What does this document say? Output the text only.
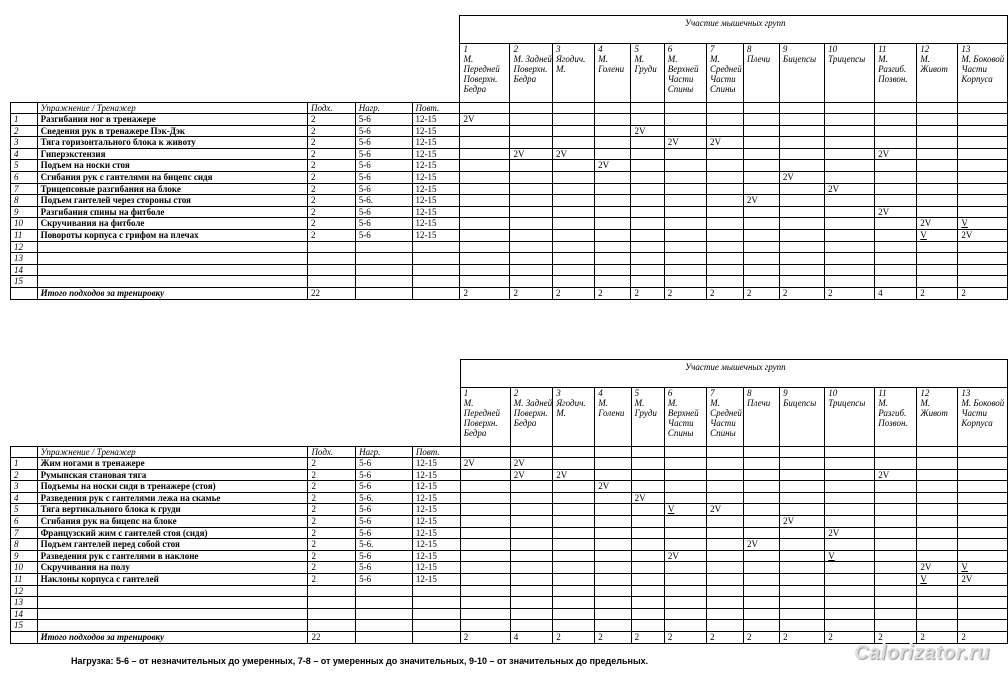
					Участие мышечных групп												
					1	2	3	4	5	6	7	8	9	10	11	12	13
					М. Передней Поверхн. Бедра	М. Задней Поверхн. Бедра	Ягодич. М.	М. Голени	М. Груди	М. Верхней Части Спины	М. Средней Части Спины	Плечи	Бицепсы	Трицепсы	М. Разгиб. Позвон.	М. Живот	М. Боковой Части Корпуса
	Упражнение / Тренажер	Подх.	Нагр.	Повт.													
1	Разгибания ног в тренажере	2	5-6	12-15	2V												
2	Сведения рук в тренажере Пэк-Дэк	2	5-6	12-15					2V								
3	Тяга горизонтального блока к животу	2	5-6	12-15						2V	2V						
4	Гиперэкстензия	2	5-6	12-15		2V	2V								2V		
5	Подъем на носки стоя	2	5-6	12-15				2V									
6	Сгибания рук с гантелями на бицепс сидя	2	5-6	12-15									2V				
7	Трицепсовые разгибания на блоке	2	5-6	12-15										2V			
8	Подъем гантелей через стороны стоя	2	5-6.	12-15								2V					
9	Разгибания спины на фитболе	2	5-6	12-15											2V		
10	Скручивания на фитболе	2	5-6	12-15												2V	V
11	Повороты корпуса с грифом на плечах	2	5-6	12-15												V	2V
12																	
13																	
14																	
15																	
	Итого подходов за тренировку	22			2	2	2	2	2	2	2	2	2	2	4	2	2
					Участие мышечных групп												
					1	2	3	4	5	6	7	8	9	10	11	12	13
					М. Передней Поверхн. Бедра	М. Задней Поверхн. Бедра	Ягодич. М.	М. Голени	М. Груди	М. Верхней Части Спины	М. Средней Части Спины	Плечи	Бицепсы	Трицепсы	М. Разгиб. Позвон.	М. Живот	М. Боковой Части Корпуса
	Упражнение / Тренажер	Подх.	Нагр.	Повт.													
1	Жим ногами в тренажере	2	5-6	12-15	2V	2V											
2	Румынская становая тяга	2	5-6	12-15		2V	2V								2V		
3	Подъемы на носки сидя в тренажере (стоя)	2	5-6	12-15				2V									
4	Разведения рук с гантелями лежа на скамье	2	5-6.	12-15					2V								
5	Тяга вертикального блока к груди	2	5-6	12-15						V	2V						
6	Сгибания рук на бицепс на блоке	2	5-6	12-15									2V				
7	Французский жим с гантелей стоя (сидя)	2	5-6	12-15										2V			
8	Подъем гантелей перед собой стоя	2	5-6.	12-15								2V					
9	Разведения рук с гантелями в наклоне	2	5-6	12-15						2V				V			
10	Скручивания на полу	2	5-6	12-15												2V	V
11	Наклоны корпуса с гантелей	2	5-6	12-15												V	2V
12																	
13																	
14																	
15																	
	Итого подходов за тренировку	22			2	4	2	2	2	2	2	2	2	2	2	2	2
Нагрузка: 5-6 – от незначительных до умеренных, 7-8 – от умеренных до значительных, 9-10 – от значительных до предельных.	Calorizator.ru
